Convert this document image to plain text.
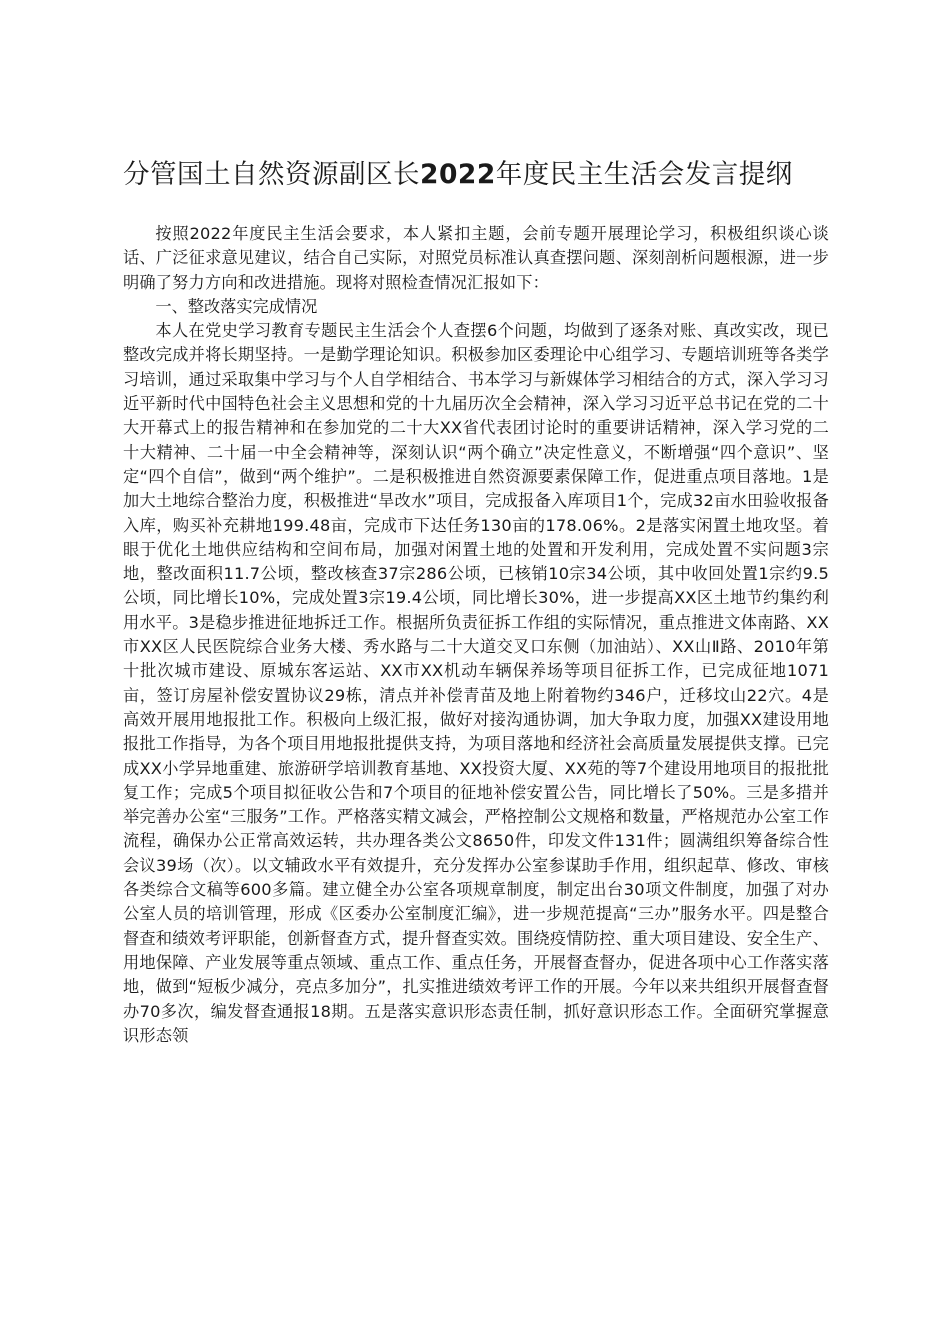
分管国土自然资源副区长2022年度民主生活会发言提纲

按照2022年度民主生活会要求，本人紧扣主题，会前专题开展理论学习，积极组织谈心谈话、广泛征求意见建议，结合自己实际，对照党员标准认真查摆问题、深刻剖析问题根源，进一步明确了努力方向和改进措施。现将对照检查情况汇报如下：

一、整改落实完成情况

本人在党史学习教育专题民主生活会个人查摆6个问题，均做到了逐条对账、真改实改，现已整改完成并将长期坚持。一是勤学理论知识。积极参加区委理论中心组学习、专题培训班等各类学习培训，通过采取集中学习与个人自学相结合、书本学习与新媒体学习相结合的方式，深入学习习近平新时代中国特色社会主义思想和党的十九届历次全会精神，深入学习习近平总书记在党的二十大开幕式上的报告精神和在参加党的二十大XX省代表团讨论时的重要讲话精神，深入学习党的二十大精神、二十届一中全会精神等，深刻认识“两个确立”决定性意义，不断增强“四个意识”、坚定“四个自信”，做到“两个维护”。二是积极推进自然资源要素保障工作，促进重点项目落地。1是加大土地综合整治力度，积极推进“旱改水”项目，完成报备入库项目1个，完成32亩水田验收报备入库，购买补充耕地199.48亩，完成市下达任务130亩的178.06%。2是落实闲置土地攻坚。着眼于优化土地供应结构和空间布局，加强对闲置土地的处置和开发利用，完成处置不实问题3宗地，整改面积11.7公顷，整改核查37宗286公顷，已核销10宗34公顷，其中收回处置1宗约9.5公顷，同比增长10%，完成处置3宗19.4公顷，同比增长30%，进一步提高XX区土地节约集约利用水平。3是稳步推进征地拆迁工作。根据所负责征拆工作组的实际情况，重点推进文体南路、XX市XX区人民医院综合业务大楼、秀水路与二十大道交叉口东侧（加油站）、XX山Ⅱ路、2010年第十批次城市建设、原城东客运站、XX市XX机动车辆保养场等项目征拆工作，已完成征地1071亩，签订房屋补偿安置协议29栋，清点并补偿青苗及地上附着物约346户，迁移坟山22穴。4是高效开展用地报批工作。积极向上级汇报，做好对接沟通协调，加大争取力度，加强XX建设用地报批工作指导，为各个项目用地报批提供支持，为项目落地和经济社会高质量发展提供支撑。已完成XX小学异地重建、旅游研学培训教育基地、XX投资大厦、XX苑的等7个建设用地项目的报批批复工作；完成5个项目拟征收公告和7个项目的征地补偿安置公告，同比增长了50%。三是多措并举完善办公室“三服务”工作。严格落实精文减会，严格控制公文规格和数量，严格规范办公室工作流程，确保办公正常高效运转，共办理各类公文8650件，印发文件131件；圆满组织筹备综合性会议39场（次）。以文辅政水平有效提升，充分发挥办公室参谋助手作用，组织起草、修改、审核各类综合文稿等600多篇。建立健全办公室各项规章制度，制定出台30项文件制度，加强了对办公室人员的培训管理，形成《区委办公室制度汇编》，进一步规范提高“三办”服务水平。四是整合督查和绩效考评职能，创新督查方式，提升督查实效。围绕疫情防控、重大项目建设、安全生产、用地保障、产业发展等重点领域、重点工作、重点任务，开展督查督办，促进各项中心工作落实落地，做到“短板少减分，亮点多加分”，扎实推进绩效考评工作的开展。今年以来共组织开展督查督办70多次，编发督查通报18期。五是落实意识形态责任制，抓好意识形态工作。全面研究掌握意识形态领
